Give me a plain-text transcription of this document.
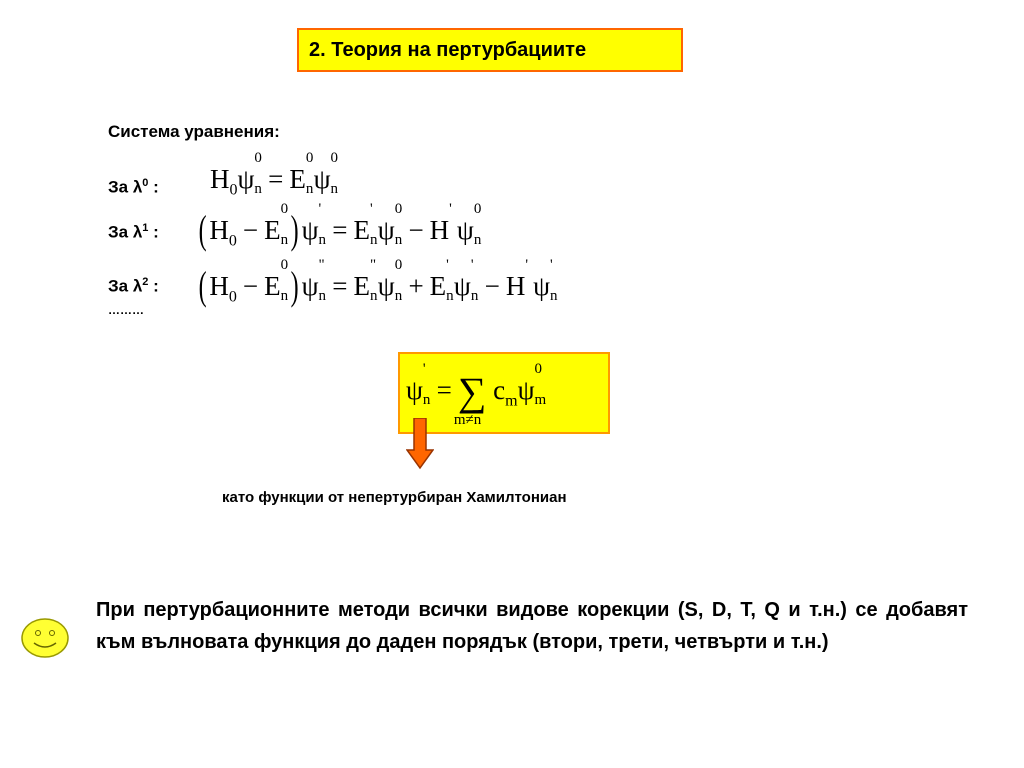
2. Теория на пертурбациите
Система уравнения:
За $\lambda^0$ :
За $\lambda^1$ :
За $\lambda^2$ :
………
$H_0\psi$
0
n = E
0
n ψ
0
n

($H_0 - E$
0
n )ψ
'
n = E
'
n ψ
0
n − H
'
ψ
0
n

($H_0 - E$
0
n )ψ
"
n = E
"
n ψ
0
n + E
'
n ψ
'
n − H
'
ψ
'
n

ψ
'
n = ∑
m≠n
$c_m\psi$
0
m

като функции от непертурбиран Хамилтониан
При пертурбационните методи всички видове корекции (S, D, T, Q и т.н.) се добавят към вълновата функция до даден порядък (втори, трети, четвърти и т.н.)
